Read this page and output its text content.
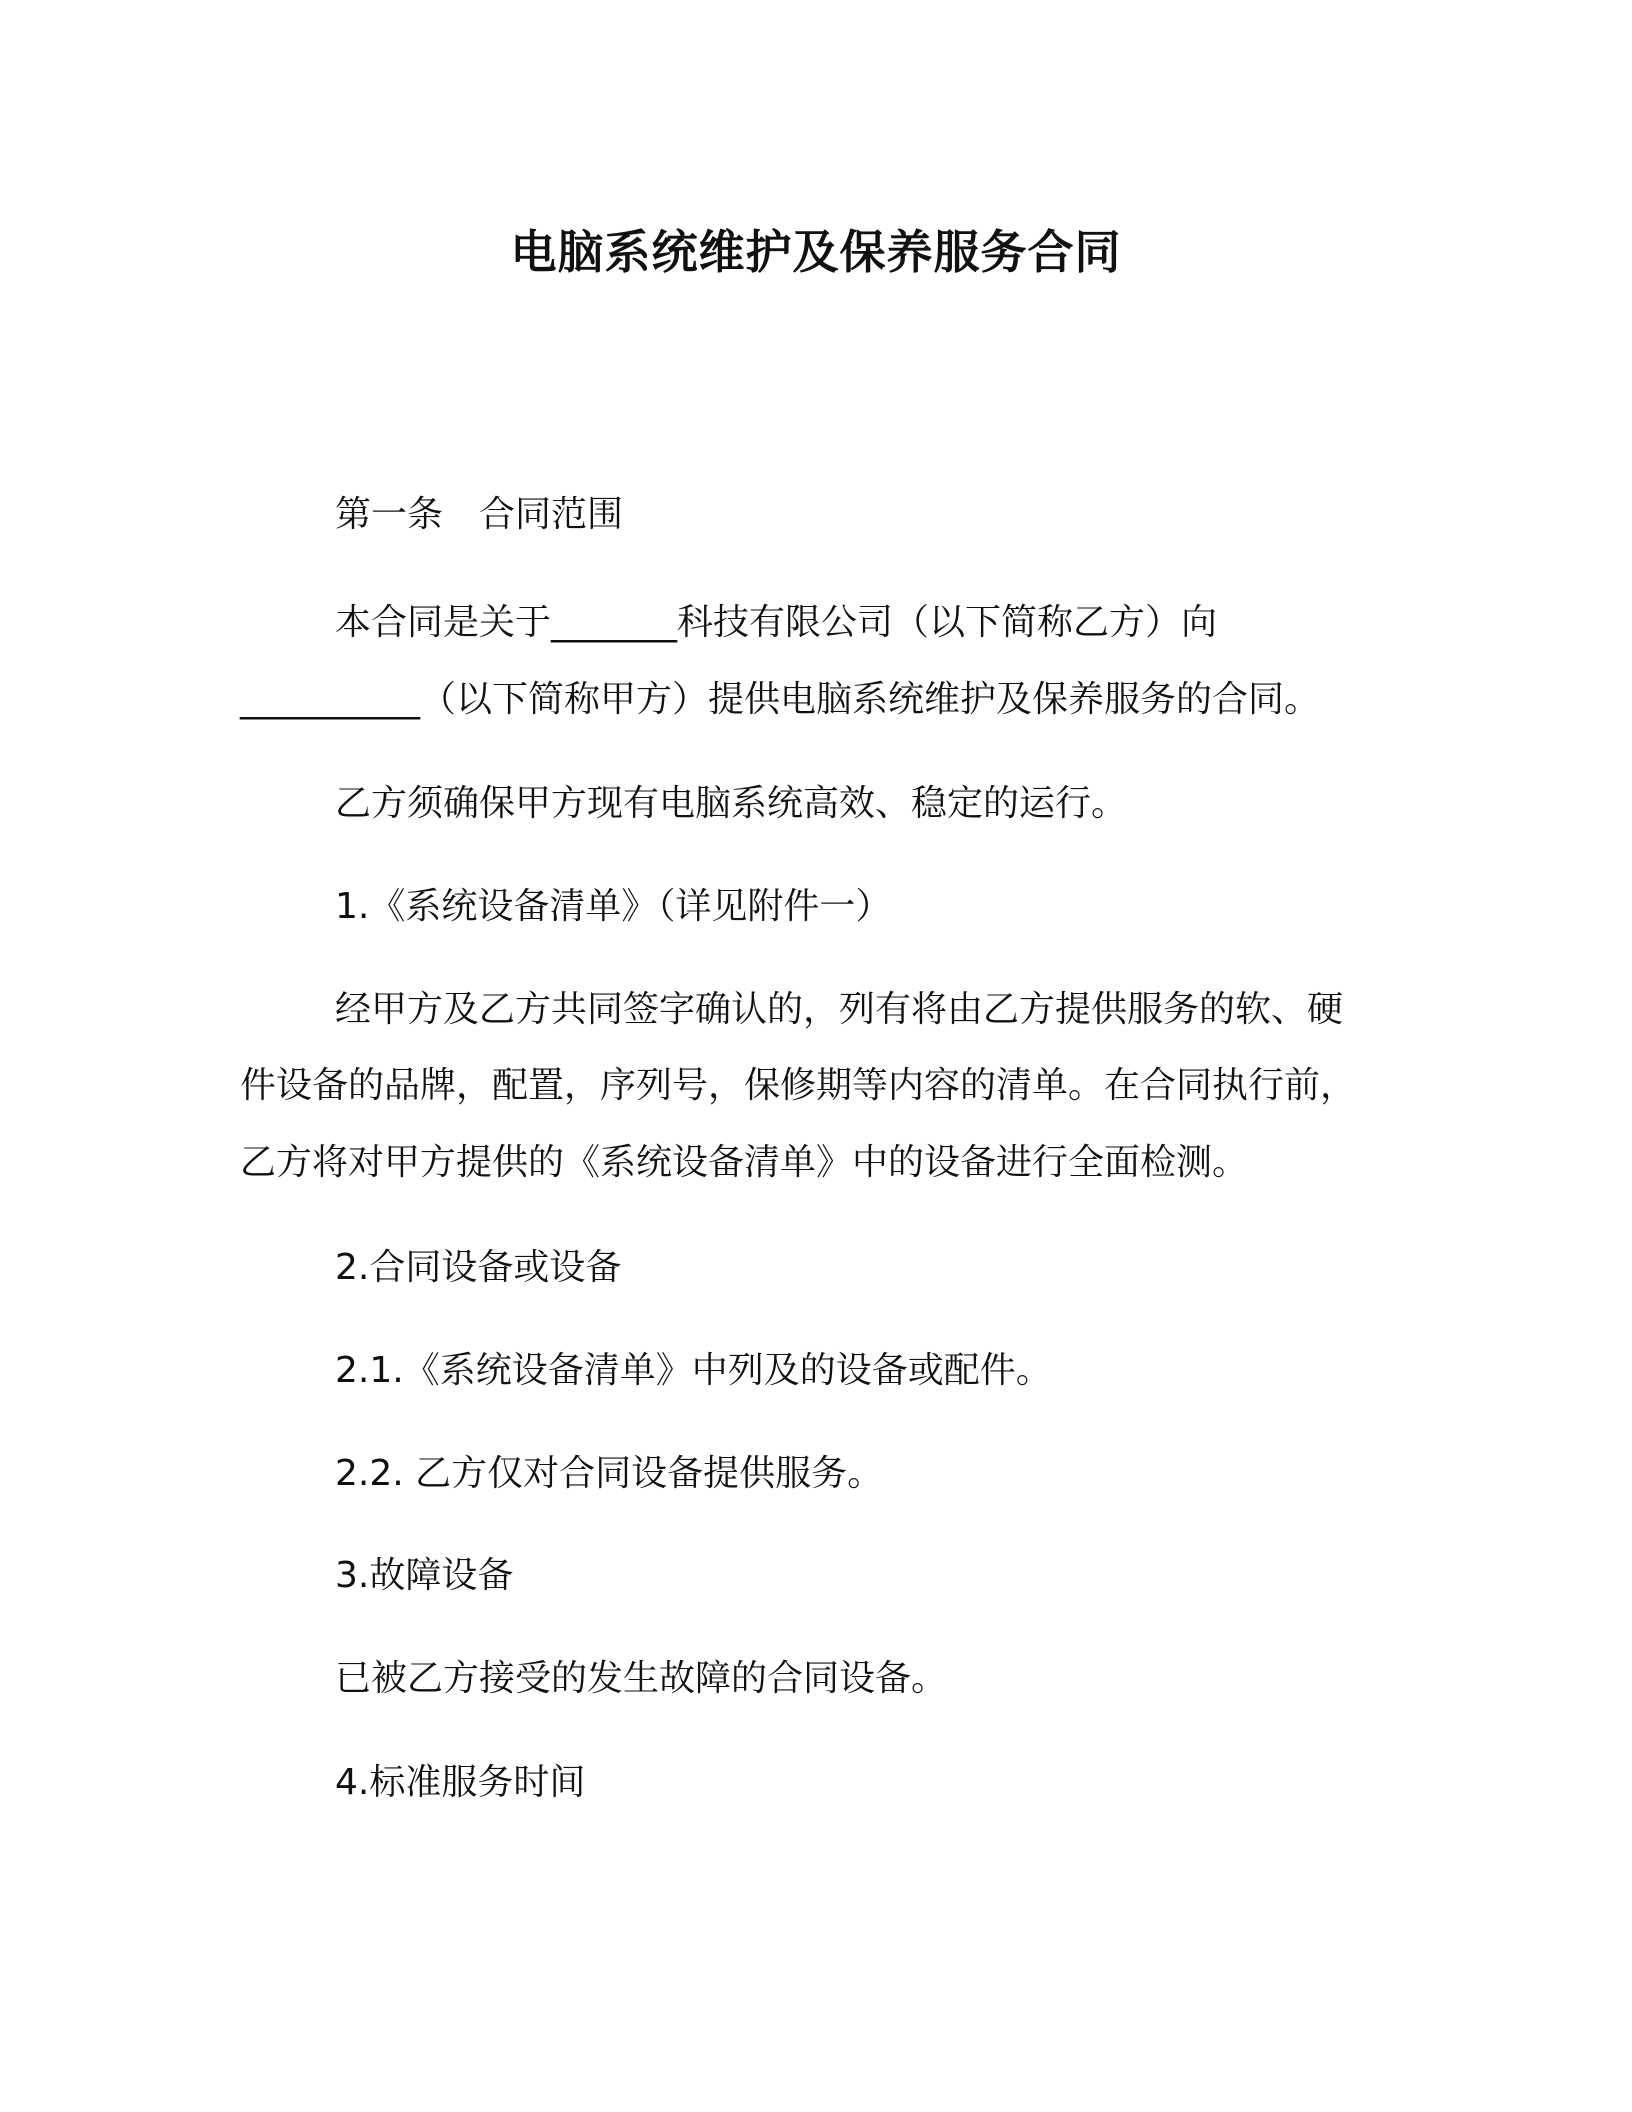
电脑系统维护及保养服务合同
第一条　合同范围
本合同是关于_______科技有限公司（以下简称乙方）向
__________（以下简称甲方）提供电脑系统维护及保养服务的合同。
乙方须确保甲方现有电脑系统高效、稳定的运行。
1.《系统设备清单》（详见附件一）
经甲方及乙方共同签字确认的，列有将由乙方提供服务的软、硬
件设备的品牌，配置，序列号，保修期等内容的清单。在合同执行前，
乙方将对甲方提供的《系统设备清单》中的设备进行全面检测。
2.合同设备或设备
2.1.《系统设备清单》中列及的设备或配件。
2.2. 乙方仅对合同设备提供服务。
3.故障设备
已被乙方接受的发生故障的合同设备。
4.标准服务时间
